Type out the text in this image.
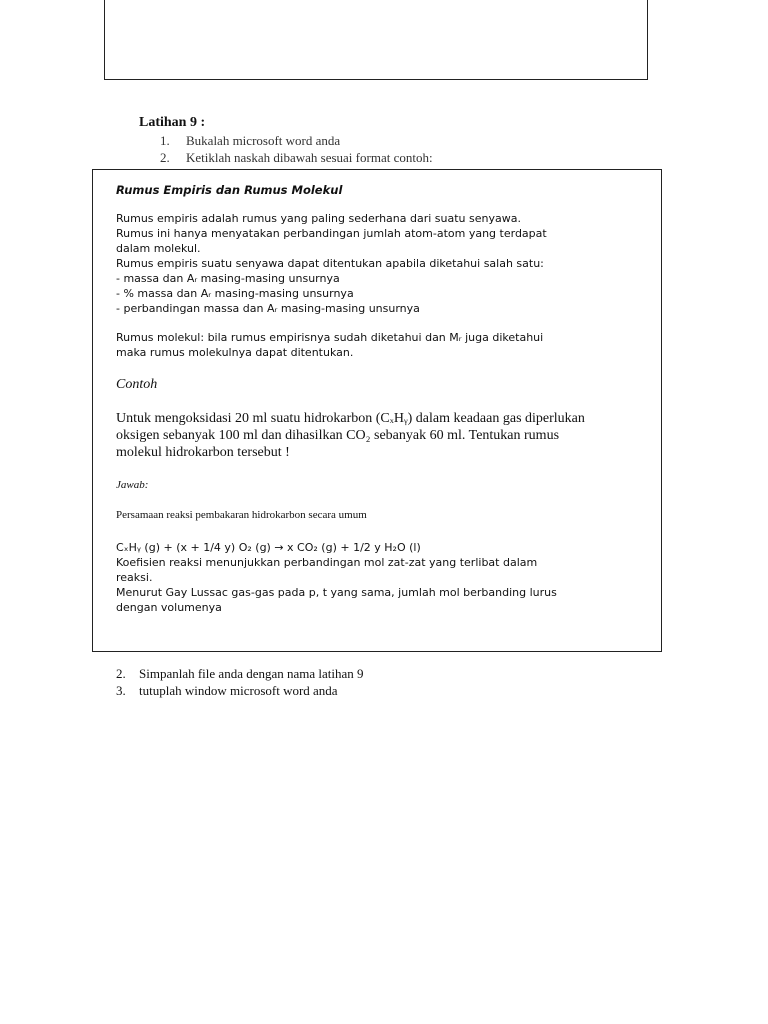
Latihan 9 :
1.	Bukalah microsoft word anda
2.	Ketiklah naskah dibawah sesuai format contoh:
Rumus Empiris dan Rumus Molekul
Rumus empiris adalah rumus yang paling sederhana dari suatu senyawa.
Rumus ini hanya menyatakan perbandingan jumlah atom-atom yang terdapat
dalam molekul.
Rumus empiris suatu senyawa dapat ditentukan apabila diketahui salah satu:
- massa dan Aᵣ masing-masing unsurnya
- % massa dan Aᵣ masing-masing unsurnya
- perbandingan massa dan Aᵣ masing-masing unsurnya
Rumus molekul: bila rumus empirisnya sudah diketahui dan Mᵣ juga diketahui
maka rumus molekulnya dapat ditentukan.
Contoh
Untuk mengoksidasi 20 ml suatu hidrokarbon (CₓHᵧ) dalam keadaan gas diperlukan
oksigen sebanyak 100 ml dan dihasilkan CO₂ sebanyak 60 ml. Tentukan rumus
molekul hidrokarbon tersebut !
Jawab:
Persamaan reaksi pembakaran hidrokarbon secara umum
CₓHᵧ (g) + (x + 1/4 y) O₂ (g) → x CO₂ (g) + 1/2 y H₂O (l)
Koefisien reaksi menunjukkan perbandingan mol zat-zat yang terlibat dalam
reaksi.
Menurut Gay Lussac gas-gas pada p, t yang sama, jumlah mol berbanding lurus
dengan volumenya
2.	Simpanlah file anda dengan nama latihan 9
3.	tutuplah window microsoft word anda
